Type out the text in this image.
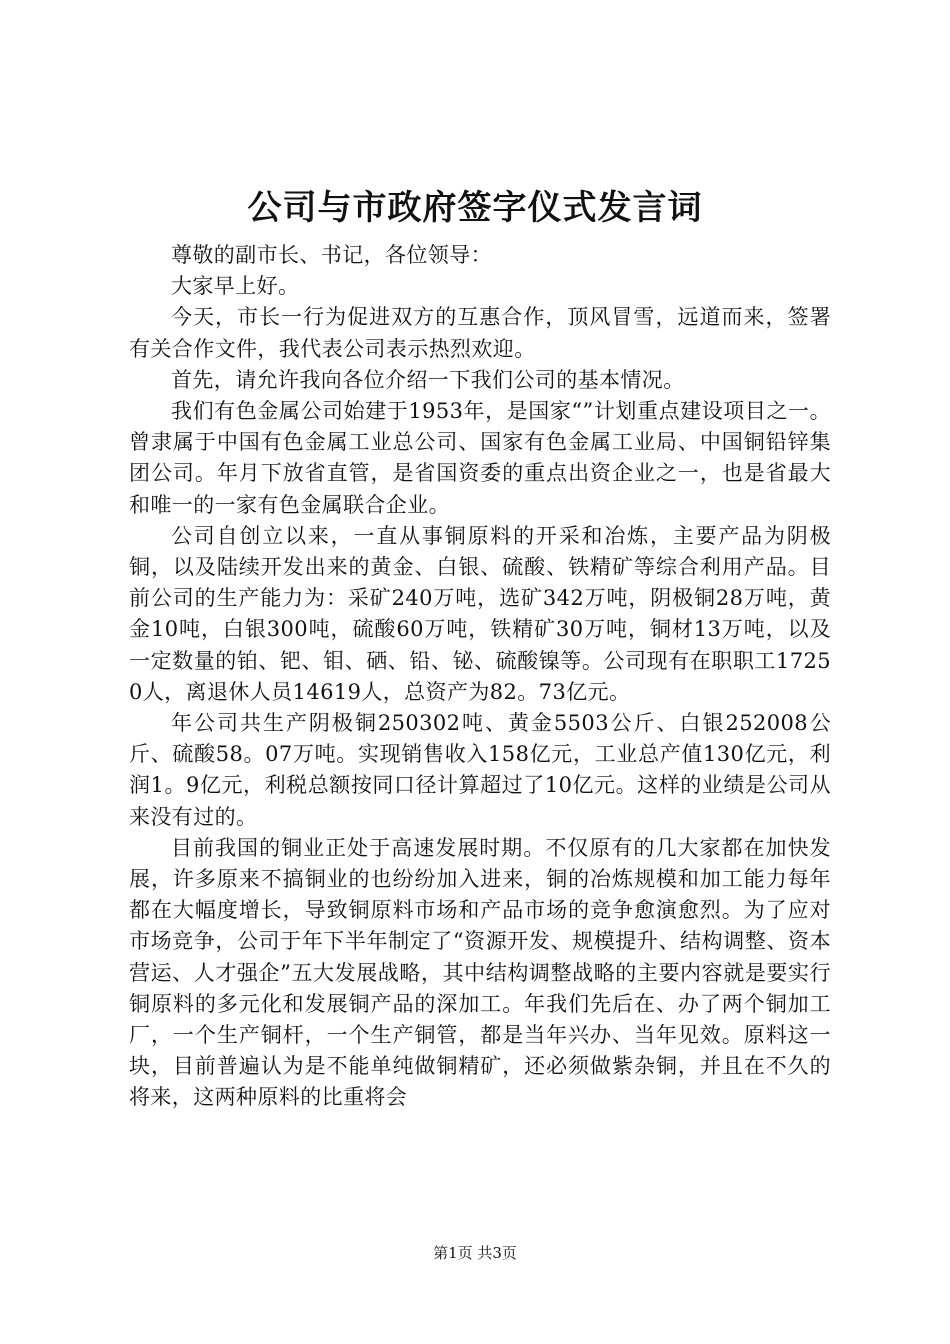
公司与市政府签字仪式发言词

尊敬的副市长、书记，各位领导：

大家早上好。

今天，市长一行为促进双方的互惠合作，顶风冒雪，远道而来，签署有关合作文件，我代表公司表示热烈欢迎。

首先，请允许我向各位介绍一下我们公司的基本情况。

我们有色金属公司始建于1953年，是国家“”计划重点建设项目之一。曾隶属于中国有色金属工业总公司、国家有色金属工业局、中国铜铅锌集团公司。年月下放省直管，是省国资委的重点出资企业之一，也是省最大和唯一的一家有色金属联合企业。

公司自创立以来，一直从事铜原料的开采和冶炼，主要产品为阴极铜，以及陆续开发出来的黄金、白银、硫酸、铁精矿等综合利用产品。目前公司的生产能力为：采矿240万吨，选矿342万吨，阴极铜28万吨，黄金10吨，白银300吨，硫酸60万吨，铁精矿30万吨，铜材13万吨，以及一定数量的铂、钯、钼、硒、铅、铋、硫酸镍等。公司现有在职职工17250人，离退休人员14619人，总资产为82。73亿元。

年公司共生产阴极铜250302吨、黄金5503公斤、白银252008公斤、硫酸58。07万吨。实现销售收入158亿元，工业总产值130亿元，利润1。9亿元，利税总额按同口径计算超过了10亿元。这样的业绩是公司从来没有过的。

目前我国的铜业正处于高速发展时期。不仅原有的几大家都在加快发展，许多原来不搞铜业的也纷纷加入进来，铜的冶炼规模和加工能力每年都在大幅度增长，导致铜原料市场和产品市场的竞争愈演愈烈。为了应对市场竞争，公司于年下半年制定了“资源开发、规模提升、结构调整、资本营运、人才强企”五大发展战略，其中结构调整战略的主要内容就是要实行铜原料的多元化和发展铜产品的深加工。年我们先后在、办了两个铜加工厂，一个生产铜杆，一个生产铜管，都是当年兴办、当年见效。原料这一块，目前普遍认为是不能单纯做铜精矿，还必须做紫杂铜，并且在不久的将来，这两种原料的比重将会

第1页 共3页
